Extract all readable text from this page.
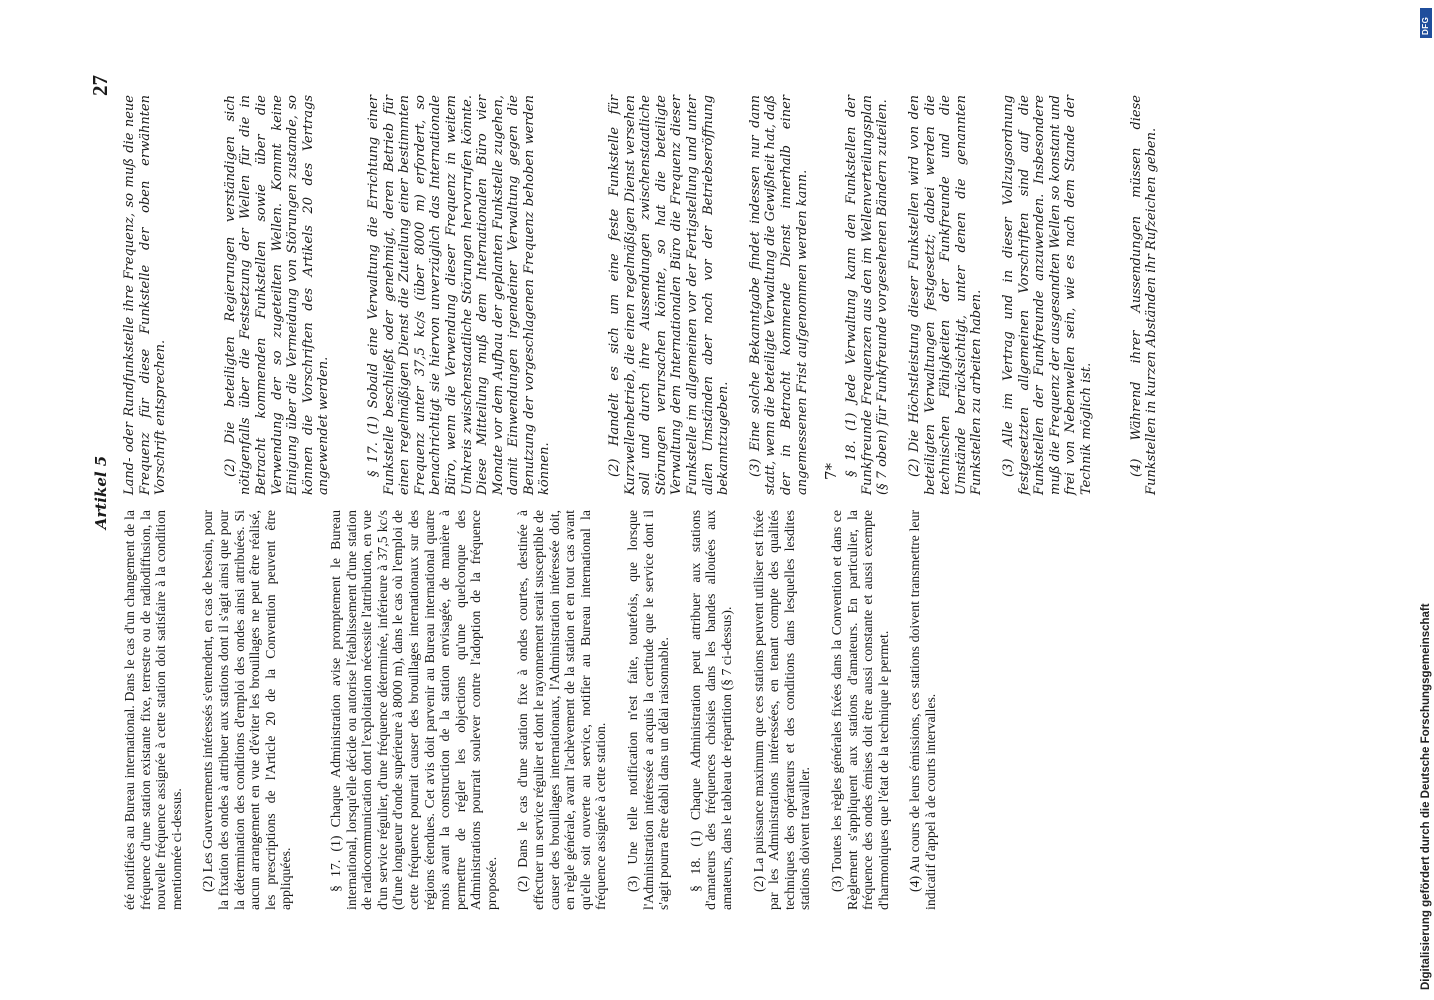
Artikel 5
27

été notifiées au Bureau international. Dans le cas d'un changement de la fréquence d'une station existante fixe, terrestre ou de radiodiffusion, la nouvelle fréquence assignée à cette station doit satisfaire à la condition mentionnée ci-dessus. (2) Les Gouvernements intéressés s'entendent, en cas de besoin, pour la fixation des ondes à attribuer aux stations dont il s'agit ainsi que pour la détermination des conditions d'emploi des ondes ainsi attribuées. Si aucun arrangement en vue d'éviter les brouillages ne peut être réalisé, les prescriptions de l'Article 20 de la Convention peuvent être appliquées.	§ 17. (1) Chaque Administration avise promptement le Bureau international, lorsqu'elle décide ou autorise l'établissement d'une station de radiocommunication dont l'exploitation nécessite l'attribution, en vue d'un service régulier, d'une fréquence déterminée, inférieure à 37,5 kc/s (d'une longueur d'onde supérieure à 8000 m), dans le cas où l'emploi de cette fréquence pourrait causer des brouillages internationaux sur des régions étendues. Cet avis doit parvenir au Bureau international quatre mois avant la construction de la station envisagée, de manière à permettre de régler les objections qu'une quelconque des Administrations pourrait soulever contre l'adoption de la fréquence proposée. (2) Dans le cas d'une station fixe à ondes courtes, destinée à effectuer un service régulier et dont le rayonnement serait susceptible de causer des brouillages internationaux, l'Administration intéressée doit, en règle générale, avant l'achèvement de la station et en tout cas avant qu'elle soit ouverte au service, notifier au Bureau international la fréquence assignée à cette station. (3) Une telle notification n'est faite, toutefois, que lorsque l'Administration intéressée a acquis la certitude que le service dont il s'agit pourra être établi dans un délai raisonnable. § 18. (1) Chaque Administration peut attribuer aux stations d'amateurs des fréquences choisies dans les bandes allouées aux amateurs, dans le tableau de répartition (§ 7 ci-dessus). (2) La puissance maximum que ces stations peuvent utiliser est fixée par les Administrations intéressées, en tenant compte des qualités techniques des opérateurs et des conditions dans lesquelles lesdites stations doivent travailler. (3) Toutes les règles générales fixées dans la Convention et dans ce Règlement s'appliquent aux stations d'amateurs. En particulier, la fréquence des ondes émises doit être aussi constante et aussi exempte d'harmoniques que l'état de la technique le permet. (4) Au cours de leurs émissions, ces stations doivent transmettre leur indicatif d'appel à de courts intervalles.

Land- oder Rundfunkstelle ihre Frequenz, so muß die neue Frequenz für diese Funkstelle der oben erwähnten Vorschrift entsprechen.	(2) Die beteiligten Regierungen verständigen sich nötigenfalls über die Festsetzung der Wellen für die in Betracht kommenden Funkstellen sowie über die Verwendung der so zugeteilten Wellen. Kommt keine Einigung über die Vermeidung von Störungen zustande, so können die Vorschriften des Artikels 20 des Vertrags angewendet werden.	§ 17. (1) Sobald eine Verwaltung die Errichtung einer Funkstelle beschließt oder genehmigt, deren Betrieb für einen regelmäßigen Dienst die Zuteilung einer bestimmten Frequenz unter 37,5 kc/s (über 8000 m) erfordert, so benachrichtigt sie hiervon unverzüglich das Internationale Büro, wenn die Verwendung dieser Frequenz in weitem Umkreis zwischenstaatliche Störungen hervorrufen könnte. Diese Mitteilung muß dem Internationalen Büro vier Monate vor dem Aufbau der geplanten Funkstelle zugehen, damit Einwendungen irgendeiner Verwaltung gegen die Benutzung der vorgeschlagenen Frequenz behoben werden können.	(2) Handelt es sich um eine feste Funkstelle für Kurzwellenbetrieb, die einen regelmäßigen Dienst versehen soll und durch ihre Aussendungen zwischenstaatliche Störungen verursachen könnte, so hat die beteiligte Verwaltung dem Internationalen Büro die Frequenz dieser Funkstelle im allgemeinen vor der Fertigstellung und unter allen Umständen aber noch vor der Betriebseröffnung bekanntzugeben. (3) Eine solche Bekanntgabe findet indessen nur dann statt, wenn die beteiligte Verwaltung die Gewißheit hat, daß der in Betracht kommende Dienst innerhalb einer angemessenen Frist aufgenommen werden kann.	§ 18. (1) Jede Verwaltung kann den Funkstellen der Funkfreunde Frequenzen aus den im Wellenverteilungsplan (§ 7 oben) für Funkfreunde vorgesehenen Bändern zuteilen. (2) Die Höchstleistung dieser Funkstellen wird von den beteiligten Verwaltungen festgesetzt; dabei werden die technischen Fähigkeiten der Funkfreunde und die Umstände berücksichtigt, unter denen die genannten Funkstellen zu arbeiten haben. (3) Alle im Vertrag und in dieser Vollzugsordnung festgesetzten allgemeinen Vorschriften sind auf die Funkstellen der Funkfreunde anzuwenden. Insbesondere muß die Frequenz der ausgesandten Wellen so konstant und frei von Nebenwellen sein, wie es nach dem Stande der Technik möglich ist.	(4) Während ihrer Aussendungen müssen diese Funkstellen in kurzen Abständen ihr Rufzeichen geben.

7*
DFG
Digitalisierung gefördert durch die Deutsche Forschungsgemeinschaft
